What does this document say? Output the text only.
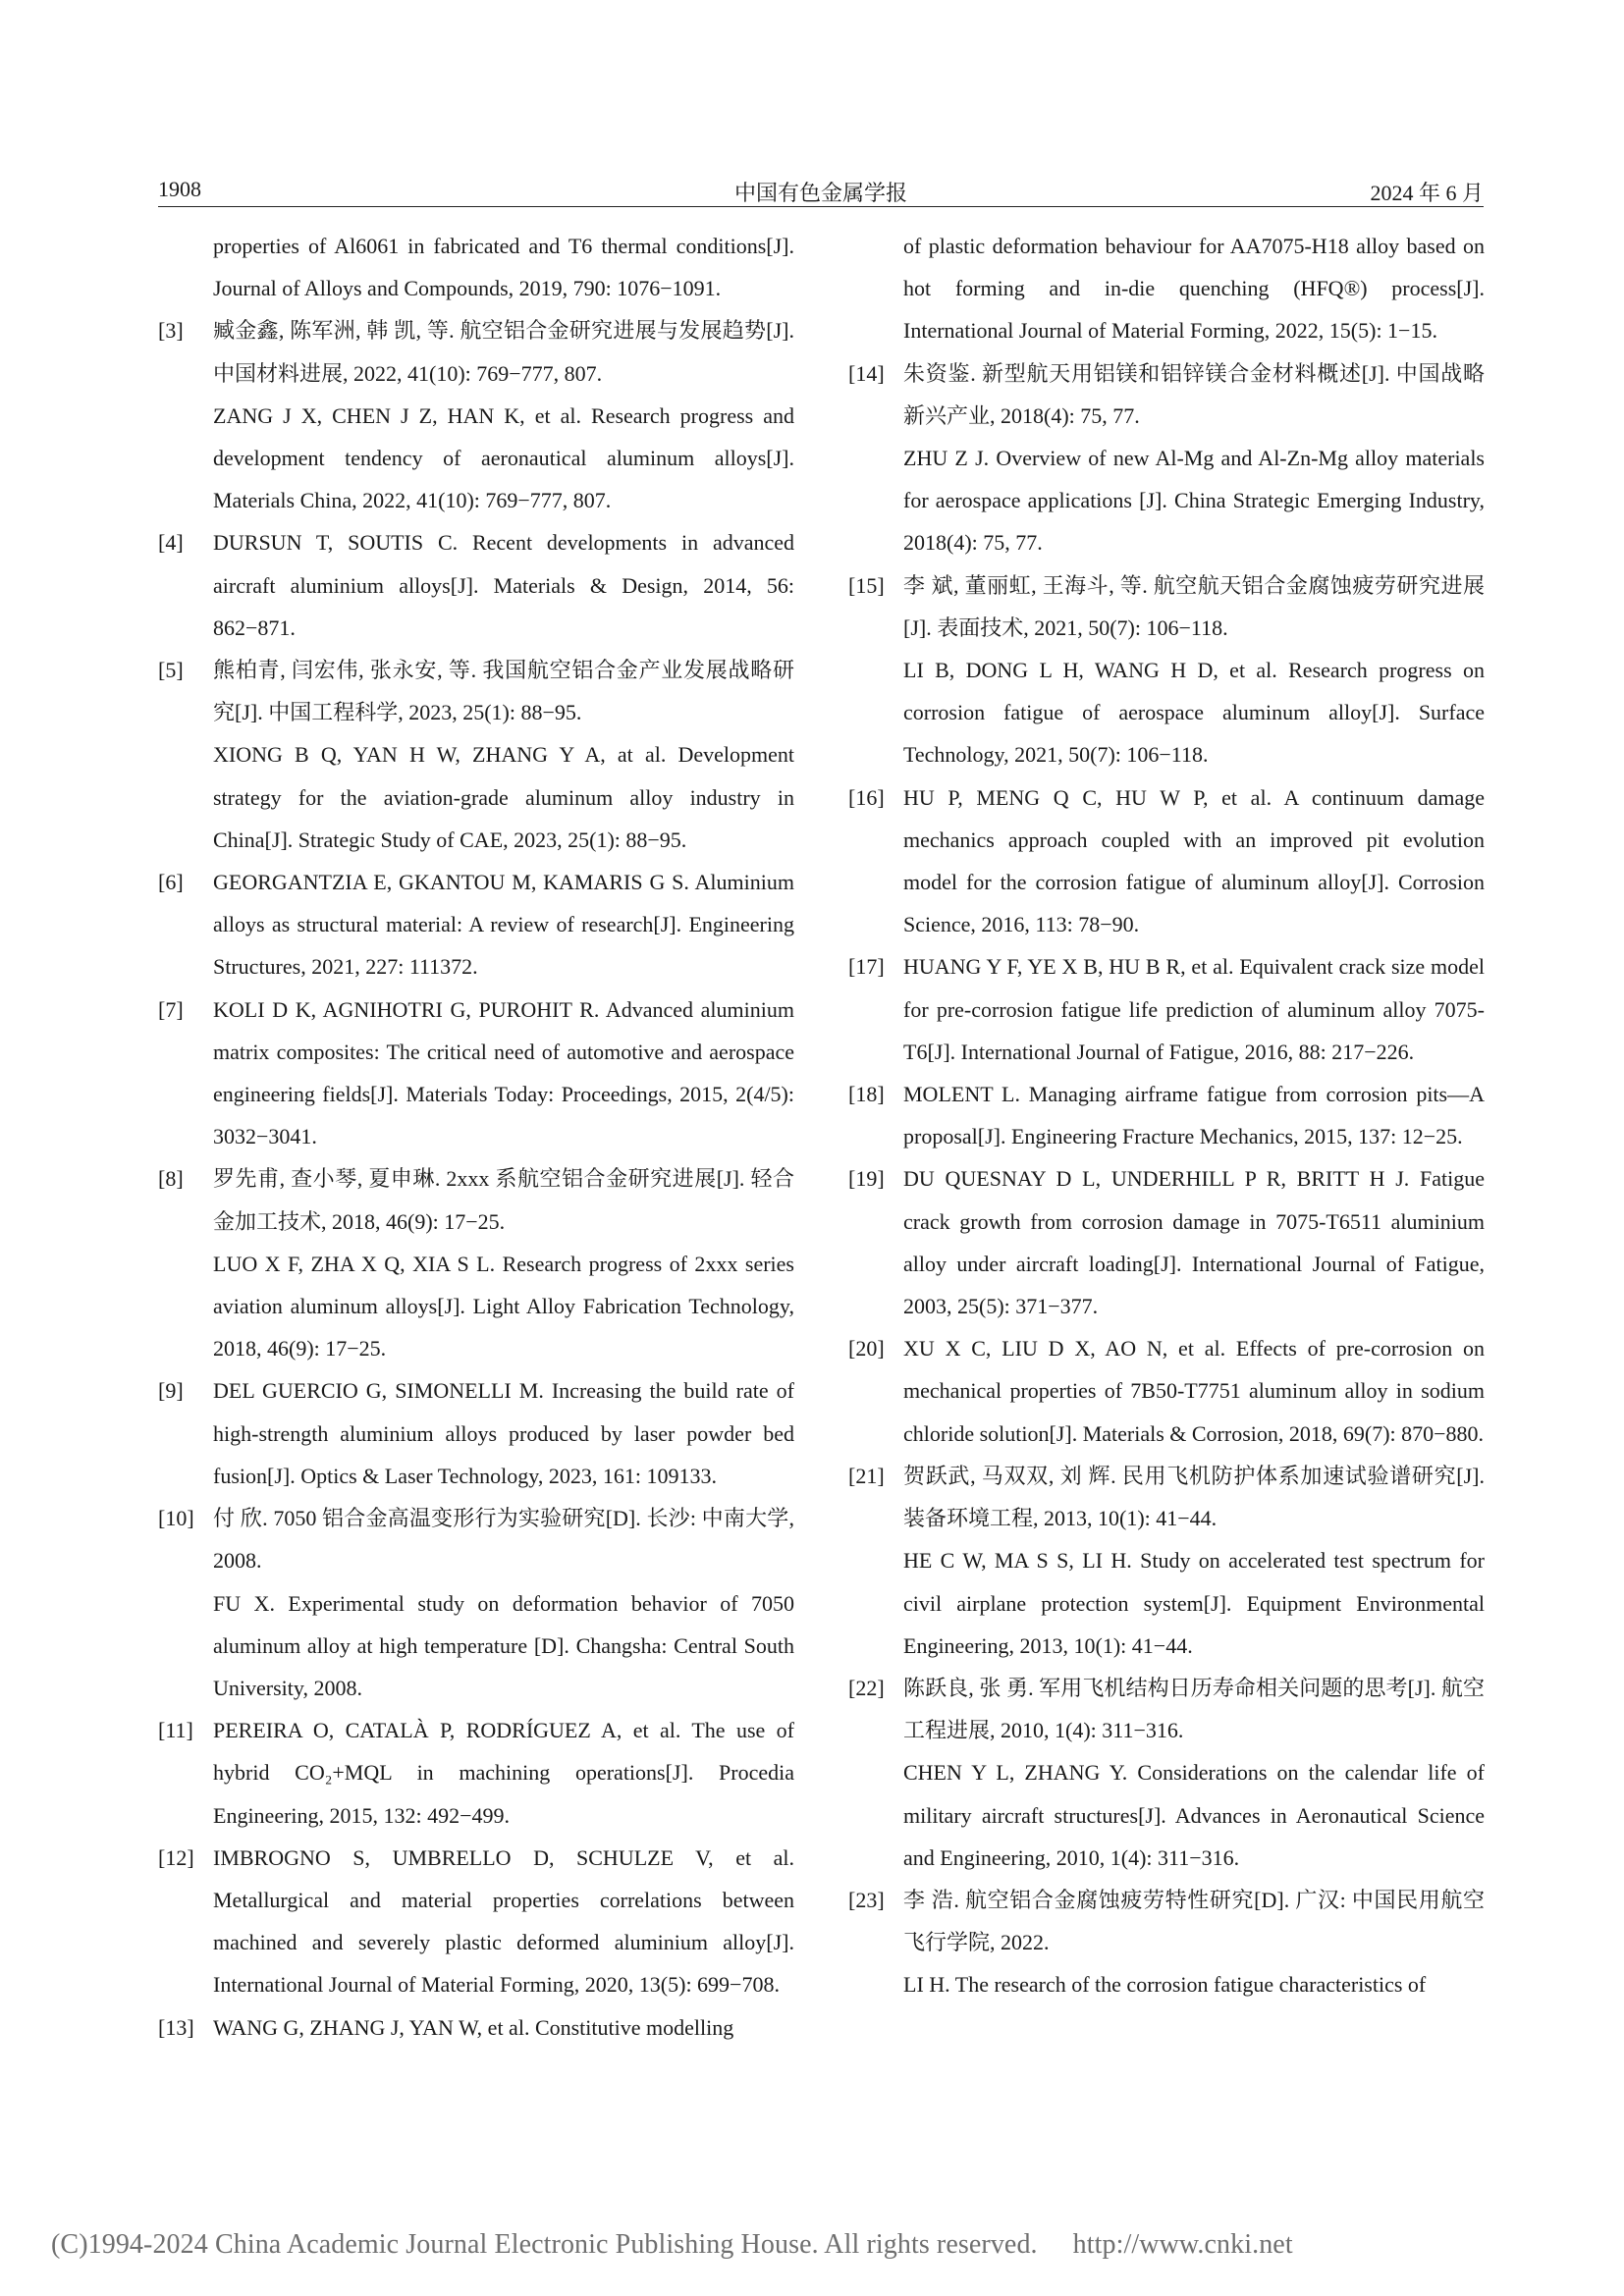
1908	中国有色金属学报	2024 年 6 月

properties of Al6061 in fabricated and T6 thermal conditions[J]. Journal of Alloys and Compounds, 2019, 790: 1076−1091.

[3]	臧金鑫, 陈军洲, 韩 凯, 等. 航空铝合金研究进展与发展趋势[J]. 中国材料进展, 2022, 41(10): 769−777, 807.

ZANG J X, CHEN J Z, HAN K, et al. Research progress and development tendency of aeronautical aluminum alloys[J]. Materials China, 2022, 41(10): 769−777, 807.

[4]	DURSUN T, SOUTIS C. Recent developments in advanced aircraft aluminium alloys[J]. Materials & Design, 2014, 56: 862−871.

[5]	熊柏青, 闫宏伟, 张永安, 等. 我国航空铝合金产业发展战略研究[J]. 中国工程科学, 2023, 25(1): 88−95.

XIONG B Q, YAN H W, ZHANG Y A, at al. Development strategy for the aviation-grade aluminum alloy industry in China[J]. Strategic Study of CAE, 2023, 25(1): 88−95.

[6]	GEORGANTZIA E, GKANTOU M, KAMARIS G S. Aluminium alloys as structural material: A review of research[J]. Engineering Structures, 2021, 227: 111372.

[7]	KOLI D K, AGNIHOTRI G, PUROHIT R. Advanced aluminium matrix composites: The critical need of automotive and aerospace engineering fields[J]. Materials Today: Proceedings, 2015, 2(4/5): 3032−3041.

[8]	罗先甫, 查小琴, 夏申琳. 2xxx 系航空铝合金研究进展[J]. 轻合金加工技术, 2018, 46(9): 17−25.

LUO X F, ZHA X Q, XIA S L. Research progress of 2xxx series aviation aluminum alloys[J]. Light Alloy Fabrication Technology, 2018, 46(9): 17−25.

[9]	DEL GUERCIO G, SIMONELLI M. Increasing the build rate of high-strength aluminium alloys produced by laser powder bed fusion[J]. Optics & Laser Technology, 2023, 161: 109133.

[10] 付 欣. 7050 铝合金高温变形行为实验研究[D]. 长沙: 中南大学, 2008.

FU X. Experimental study on deformation behavior of 7050 aluminum alloy at high temperature [D]. Changsha: Central South University, 2008.

[11] PEREIRA O, CATALÀ P, RODRÍGUEZ A, et al. The use of hybrid CO₂+MQL in machining operations[J]. Procedia Engineering, 2015, 132: 492−499.

[12] IMBROGNO S, UMBRELLO D, SCHULZE V, et al. Metallurgical and material properties correlations between machined and severely plastic deformed aluminium alloy[J]. International Journal of Material Forming, 2020, 13(5): 699−708.

[13] WANG G, ZHANG J, YAN W, et al. Constitutive modelling

of plastic deformation behaviour for AA7075-H18 alloy based on hot forming and in-die quenching (HFQ®) process[J]. International Journal of Material Forming, 2022, 15(5): 1−15.

[14] 朱资鉴. 新型航天用铝镁和铝锌镁合金材料概述[J]. 中国战略新兴产业, 2018(4): 75, 77.

ZHU Z J. Overview of new Al-Mg and Al-Zn-Mg alloy materials for aerospace applications [J]. China Strategic Emerging Industry, 2018(4): 75, 77.

[15] 李 斌, 董丽虹, 王海斗, 等. 航空航天铝合金腐蚀疲劳研究进展[J]. 表面技术, 2021, 50(7): 106−118.

LI B, DONG L H, WANG H D, et al. Research progress on corrosion fatigue of aerospace aluminum alloy[J]. Surface Technology, 2021, 50(7): 106−118.

[16] HU P, MENG Q C, HU W P, et al. A continuum damage mechanics approach coupled with an improved pit evolution model for the corrosion fatigue of aluminum alloy[J]. Corrosion Science, 2016, 113: 78−90.

[17] HUANG Y F, YE X B, HU B R, et al. Equivalent crack size model for pre-corrosion fatigue life prediction of aluminum alloy 7075-T6[J]. International Journal of Fatigue, 2016, 88: 217−226.

[18] MOLENT L. Managing airframe fatigue from corrosion pits—A proposal[J]. Engineering Fracture Mechanics, 2015, 137: 12−25.

[19] DU QUESNAY D L, UNDERHILL P R, BRITT H J. Fatigue crack growth from corrosion damage in 7075-T6511 aluminium alloy under aircraft loading[J]. International Journal of Fatigue, 2003, 25(5): 371−377.

[20] XU X C, LIU D X, AO N, et al. Effects of pre-corrosion on mechanical properties of 7B50-T7751 aluminum alloy in sodium chloride solution[J]. Materials & Corrosion, 2018, 69(7): 870−880.

[21] 贺跃武, 马双双, 刘 辉. 民用飞机防护体系加速试验谱研究[J]. 装备环境工程, 2013, 10(1): 41−44.

HE C W, MA S S, LI H. Study on accelerated test spectrum for civil airplane protection system[J]. Equipment Environmental Engineering, 2013, 10(1): 41−44.

[22] 陈跃良, 张 勇. 军用飞机结构日历寿命相关问题的思考[J]. 航空工程进展, 2010, 1(4): 311−316.

CHEN Y L, ZHANG Y. Considerations on the calendar life of military aircraft structures[J]. Advances in Aeronautical Science and Engineering, 2010, 1(4): 311−316.

[23] 李 浩. 航空铝合金腐蚀疲劳特性研究[D]. 广汉: 中国民用航空飞行学院, 2022.

LI H. The research of the corrosion fatigue characteristics of

(C)1994-2024 China Academic Journal Electronic Publishing House. All rights reserved. http://www.cnki.net
